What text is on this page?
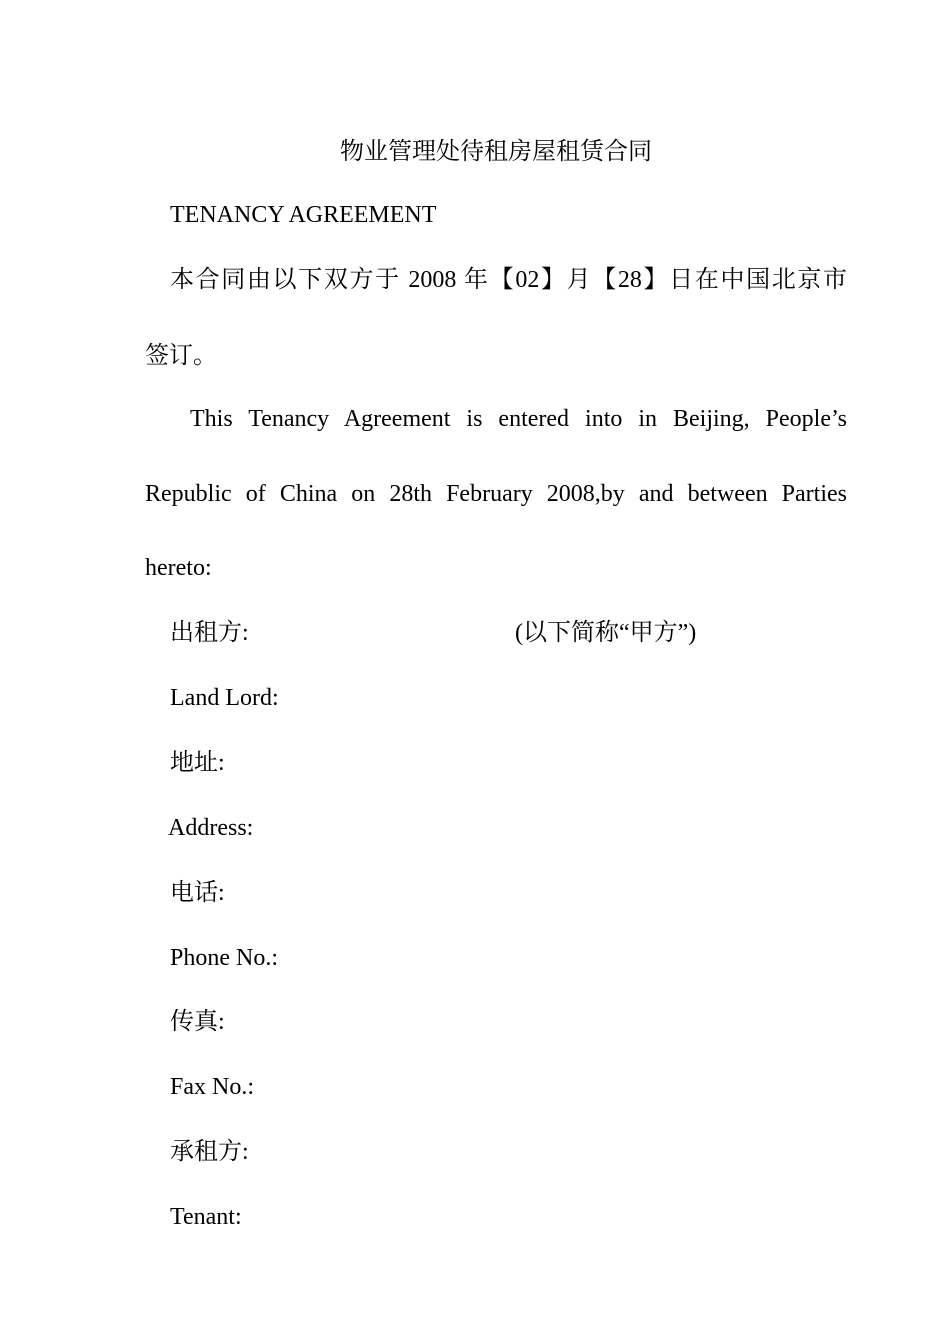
物业管理处待租房屋租赁合同
TENANCY AGREEMENT
本合同由以下双方于 2008 年【02】月【28】日在中国北京市
签订。
This Tenancy Agreement is entered into in Beijing, People’s
Republic of China on 28th February 2008,by and between Parties
hereto:
出租方:	(以下简称“甲方”)
Land Lord:
地址:
Address:
电话:
Phone No.:
传真:
Fax No.:
承租方:
Tenant:
